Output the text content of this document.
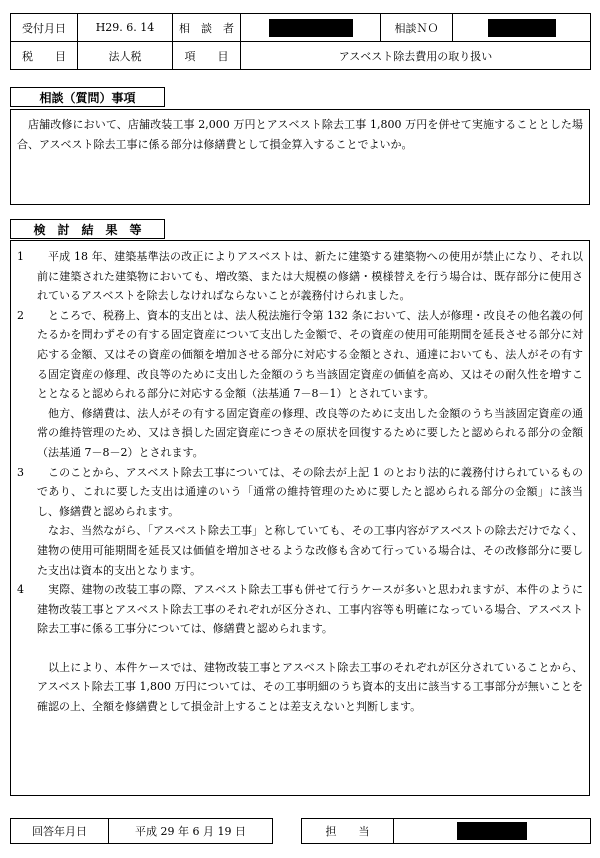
受付月日	H29. 6. 14	相　談　者		相談ＮＯ	
税　　目	法人税	項　　目	アスベスト除去費用の取り扱い		
相談（質問）事項

店舗改修において、店舗改装工事 2,000 万円とアスベスト除去工事 1,800 万円を併せて実施することとした場合、アスベスト除去工事に係る部分は修繕費として損金算入することでよいか。

検　討　結　果　等
1	平成 18 年、建築基準法の改正によりアスベストは、新たに建築する建築物への使用が禁止になり、それ以前に建築された建築物においても、増改築、または大規模の修繕・模様替えを行う場合は、既存部分に使用されているアスベストを除去しなければならないことが義務付けられました。

2	ところで、税務上、資本的支出とは、法人税法施行令第 132 条において、法人が修理・改良その他名義の何たるかを問わずその有する固定資産について支出した金額で、その資産の使用可能期間を延長させる部分に対応する金額、又はその資産の価額を増加させる部分に対応する金額とされ、通達においても、法人がその有する固定資産の修理、改良等のために支出した金額のうち当該固定資産の価値を高め、又はその耐久性を増すこととなると認められる部分に対応する金額（法基通 7－8－1）とされています。

他方、修繕費は、法人がその有する固定資産の修理、改良等のために支出した金額のうち当該固定資産の通常の維持管理のため、又はき損した固定資産につきその原状を回復するために要したと認められる部分の金額（法基通 7－8－2）とされます。

3	このことから、アスベスト除去工事については、その除去が上記 1 のとおり法的に義務付けられているものであり、これに要した支出は通達のいう「通常の維持管理のために要したと認められる部分の金額」に該当し、修繕費と認められます。

なお、当然ながら、「アスベスト除去工事」と称していても、その工事内容がアスベストの除去だけでなく、建物の使用可能期間を延長又は価値を増加させるような改修も含めて行っている場合は、その改修部分に要した支出は資本的支出となります。

4	実際、建物の改装工事の際、アスベスト除去工事も併せて行うケースが多いと思われますが、本件のように建物改装工事とアスベスト除去工事のそれぞれが区分され、工事内容等も明確になっている場合、アスベスト除去工事に係る工事分については、修繕費と認められます。

以上により、本件ケースでは、建物改装工事とアスベスト除去工事のそれぞれが区分されていることから、アスベスト除去工事 1,800 万円については、その工事明細のうち資本的支出に該当する工事部分が無いことを確認の上、全額を修繕費として損金計上することは差支えないと判断します。

回答年月日	平成 29 年 6 月 19 日	担　　当	
